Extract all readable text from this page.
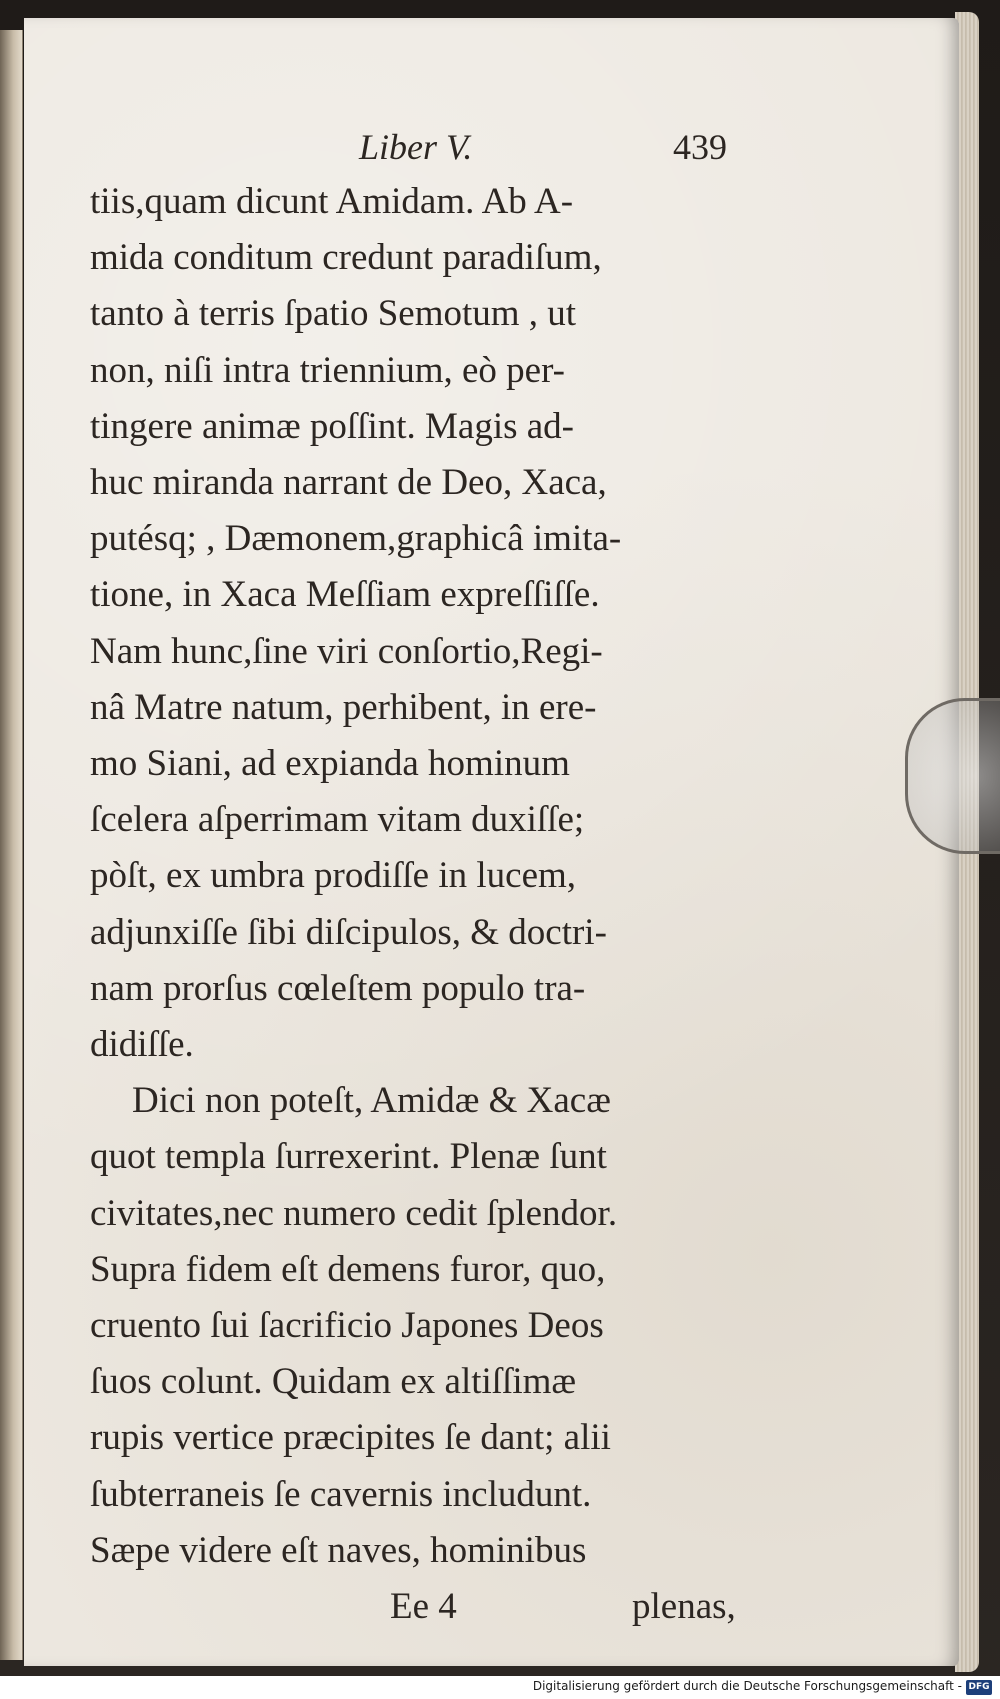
Liber V.	439
tiis,quam dicunt Amidam. Ab A-
mida conditum credunt paradiſum,
tanto à terris ſpatio Semotum , ut
non, niſi intra triennium, eò per-
tingere animæ poſſint. Magis ad-
huc miranda narrant de Deo, Xaca,
putésq; , Dæmonem,graphicâ imita-
tione, in Xaca Meſſiam expreſſiſſe.
Nam hunc,ſine viri conſortio,Regi-
nâ Matre natum, perhibent, in ere-
mo Siani, ad expianda hominum
ſcelera aſperrimam vitam duxiſſe;
pòſt, ex umbra prodiſſe in lucem,
adjunxiſſe ſibi diſcipulos, & doctri-
nam prorſus cœleſtem populo tra-
didiſſe.
Dici non poteſt, Amidæ & Xacæ
quot templa ſurrexerint. Plenæ ſunt
civitates,nec numero cedit ſplendor.
Supra fidem eſt demens furor, quo,
cruento ſui ſacrificio Japones Deos
ſuos colunt. Quidam ex altiſſimæ
rupis vertice præcipites ſe dant; alii
ſubterraneis ſe cavernis includunt.
Sæpe videre eſt naves, hominibus
Ee 4	plenas,
Digitalisierung gefördert durch die Deutsche Forschungsgemeinschaft - DFG
